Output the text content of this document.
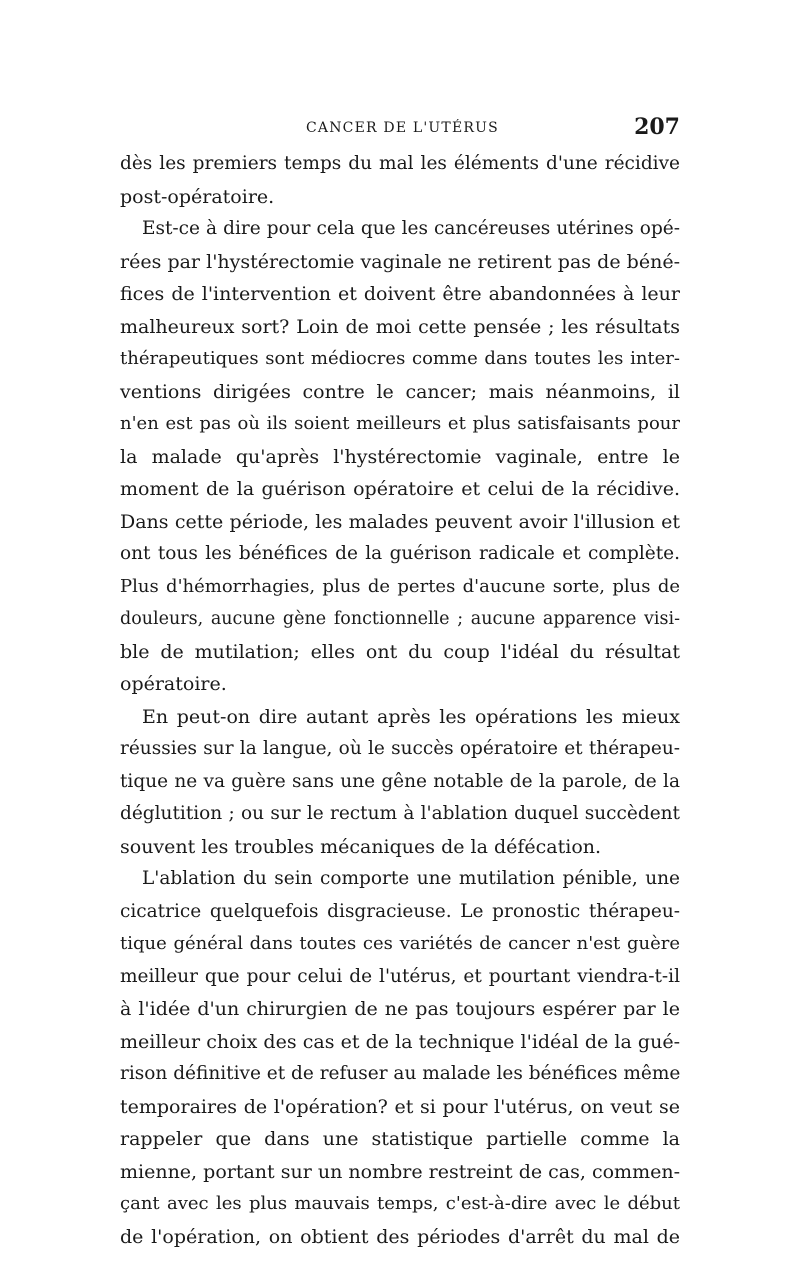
CANCER DE L'UTÉRUS	207
dès les premiers temps du mal les éléments d'une récidive
post-opératoire.
Est-ce à dire pour cela que les cancéreuses utérines opé-
rées par l'hystérectomie vaginale ne retirent pas de béné-
fices de l'intervention et doivent être abandonnées à leur
malheureux sort? Loin de moi cette pensée ; les résultats
thérapeutiques sont médiocres comme dans toutes les inter-
ventions dirigées contre le cancer; mais néanmoins, il
n'en est pas où ils soient meilleurs et plus satisfaisants pour
la malade qu'après l'hystérectomie vaginale, entre le
moment de la guérison opératoire et celui de la récidive.
Dans cette période, les malades peuvent avoir l'illusion et
ont tous les bénéfices de la guérison radicale et complète.
Plus d'hémorrhagies, plus de pertes d'aucune sorte, plus de
douleurs, aucune gène fonctionnelle ; aucune apparence visi-
ble de mutilation; elles ont du coup l'idéal du résultat
opératoire.
En peut-on dire autant après les opérations les mieux
réussies sur la langue, où le succès opératoire et thérapeu-
tique ne va guère sans une gêne notable de la parole, de la
déglutition ; ou sur le rectum à l'ablation duquel succèdent
souvent les troubles mécaniques de la défécation.
L'ablation du sein comporte une mutilation pénible, une
cicatrice quelquefois disgracieuse. Le pronostic thérapeu-
tique général dans toutes ces variétés de cancer n'est guère
meilleur que pour celui de l'utérus, et pourtant viendra-t-il
à l'idée d'un chirurgien de ne pas toujours espérer par le
meilleur choix des cas et de la technique l'idéal de la gué-
rison définitive et de refuser au malade les bénéfices même
temporaires de l'opération? et si pour l'utérus, on veut se
rappeler que dans une statistique partielle comme la
mienne, portant sur un nombre restreint de cas, commen-
çant avec les plus mauvais temps, c'est-à-dire avec le début
de l'opération, on obtient des périodes d'arrêt du mal de
